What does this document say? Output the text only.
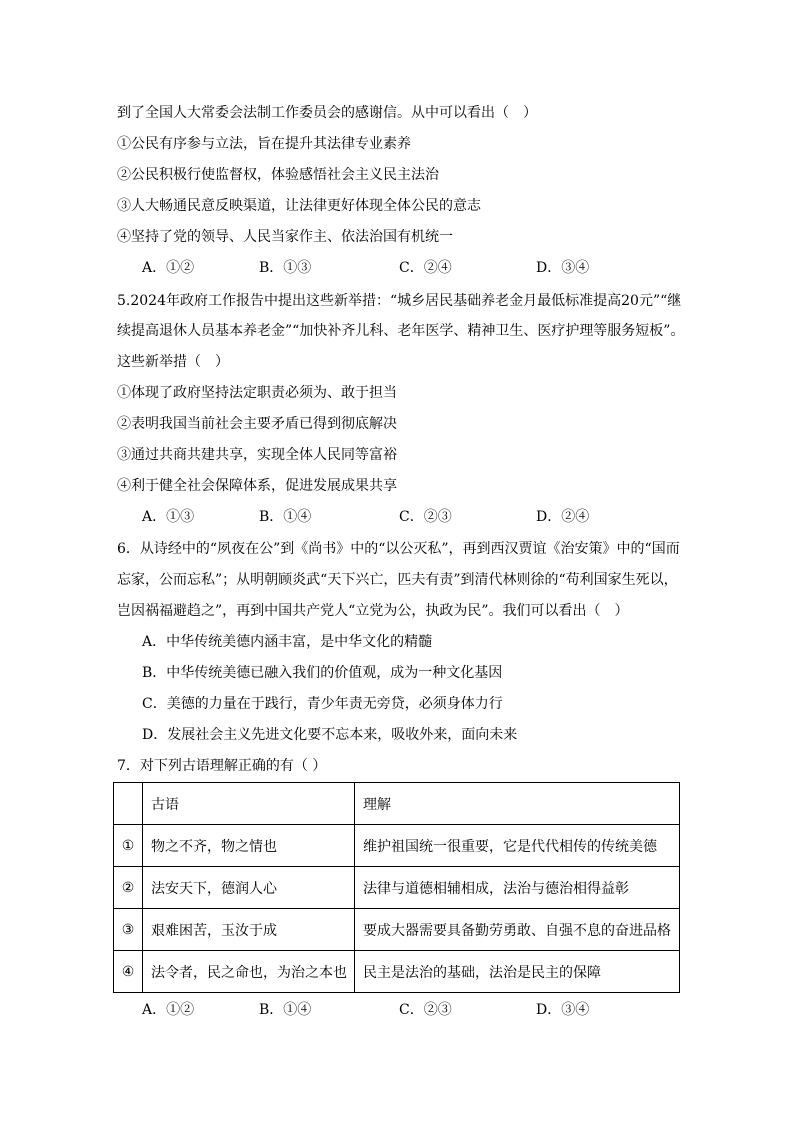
到了全国人大常委会法制工作委员会的感谢信。从中可以看出（　）
①公民有序参与立法，旨在提升其法律专业素养
②公民积极行使监督权，体验感悟社会主义民主法治
③人大畅通民意反映渠道，让法律更好体现全体公民的意志
④坚持了党的领导、人民当家作主、依法治国有机统一
A．①②	B．①③	C．②④	D．③④
5.2024年政府工作报告中提出这些新举措：“城乡居民基础养老金月最低标准提高20元”“继
续提高退休人员基本养老金”“加快补齐儿科、老年医学、精神卫生、医疗护理等服务短板”。
这些新举措（　）
①体现了政府坚持法定职责必须为、敢于担当
②表明我国当前社会主要矛盾已得到彻底解决
③通过共商共建共享，实现全体人民同等富裕
④利于健全社会保障体系，促进发展成果共享
A．①③	B．①④	C．②③	D．②④
6．从诗经中的“夙夜在公”到《尚书》中的“以公灭私”，再到西汉贾谊《治安策》中的“国而
忘家，公而忘私”；从明朝顾炎武“天下兴亡，匹夫有责”到清代林则徐的“苟利国家生死以，
岂因祸福避趋之”，再到中国共产党人“立党为公，执政为民”。我们可以看出（　）
A．中华传统美德内涵丰富，是中华文化的精髓
B．中华传统美德已融入我们的价值观，成为一种文化基因
C．美德的力量在于践行，青少年责无旁贷，必须身体力行
D．发展社会主义先进文化要不忘本来，吸收外来，面向未来
7．对下列古语理解正确的有（ ）
	古语	理解
①	物之不齐，物之情也	维护祖国统一很重要，它是代代相传的传统美德
②	法安天下，德润人心	法律与道德相辅相成，法治与德治相得益彰
③	艰难困苦，玉汝于成	要成大器需要具备勤劳勇敢、自强不息的奋进品格
④	法令者，民之命也，为治之本也	民主是法治的基础，法治是民主的保障
A．①②	B．①④	C．②③	D．③④
